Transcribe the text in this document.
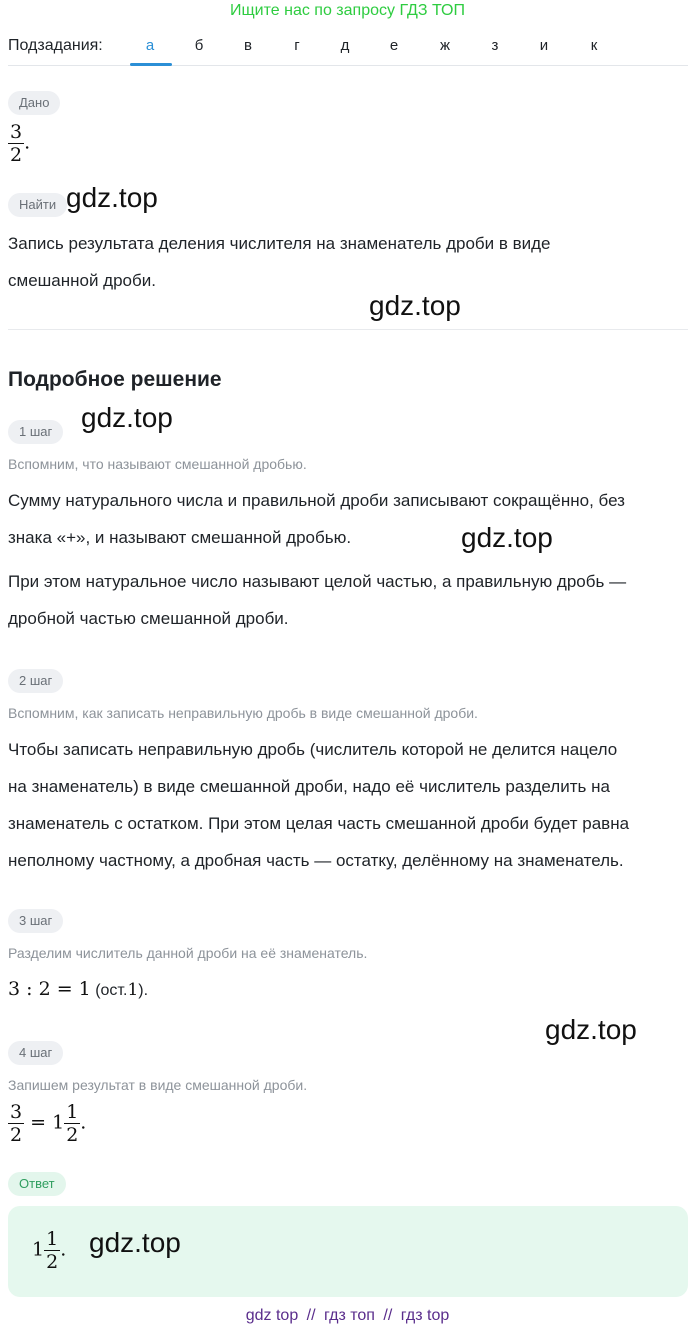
Ищите нас по запросу ГДЗ ТОП
Подзадания:	а	б	в	г	д	е	ж	з	и	к
Дано
$\frac{3}{2}$ .
Найти
Запись результата деления числителя на знаменатель дроби в виде
смешанной дроби.
Подробное решение
1 шаг
Вспомним, что называют смешанной дробью.
Сумму натурального числа и правильной дроби записывают сокращённо, без
знака «+», и называют смешанной дробью.
При этом натуральное число называют целой частью, а правильную дробь —
дробной частью смешанной дроби.
2 шаг
Вспомним, как записать неправильную дробь в виде смешанной дроби.
Чтобы записать неправильную дробь (числитель которой не делится нацело
на знаменатель) в виде смешанной дроби, надо её числитель разделить на
знаменатель с остатком. При этом целая часть смешанной дроби будет равна
неполному частному, а дробная часть — остатку, делённому на знаменатель.
3 шаг
Разделим числитель данной дроби на её знаменатель.
3 : 2 = 1 (ост.1).
4 шаг
Запишем результат в виде смешанной дроби.
$\frac{3}{2} = 1 \frac{1}{2}$ .
Ответ
$1 \frac{1}{2}$ .
gdz.top
gdz.top
gdz.top
gdz.top
gdz.top
gdz.top
gdz top // гдз топ // гдз top
